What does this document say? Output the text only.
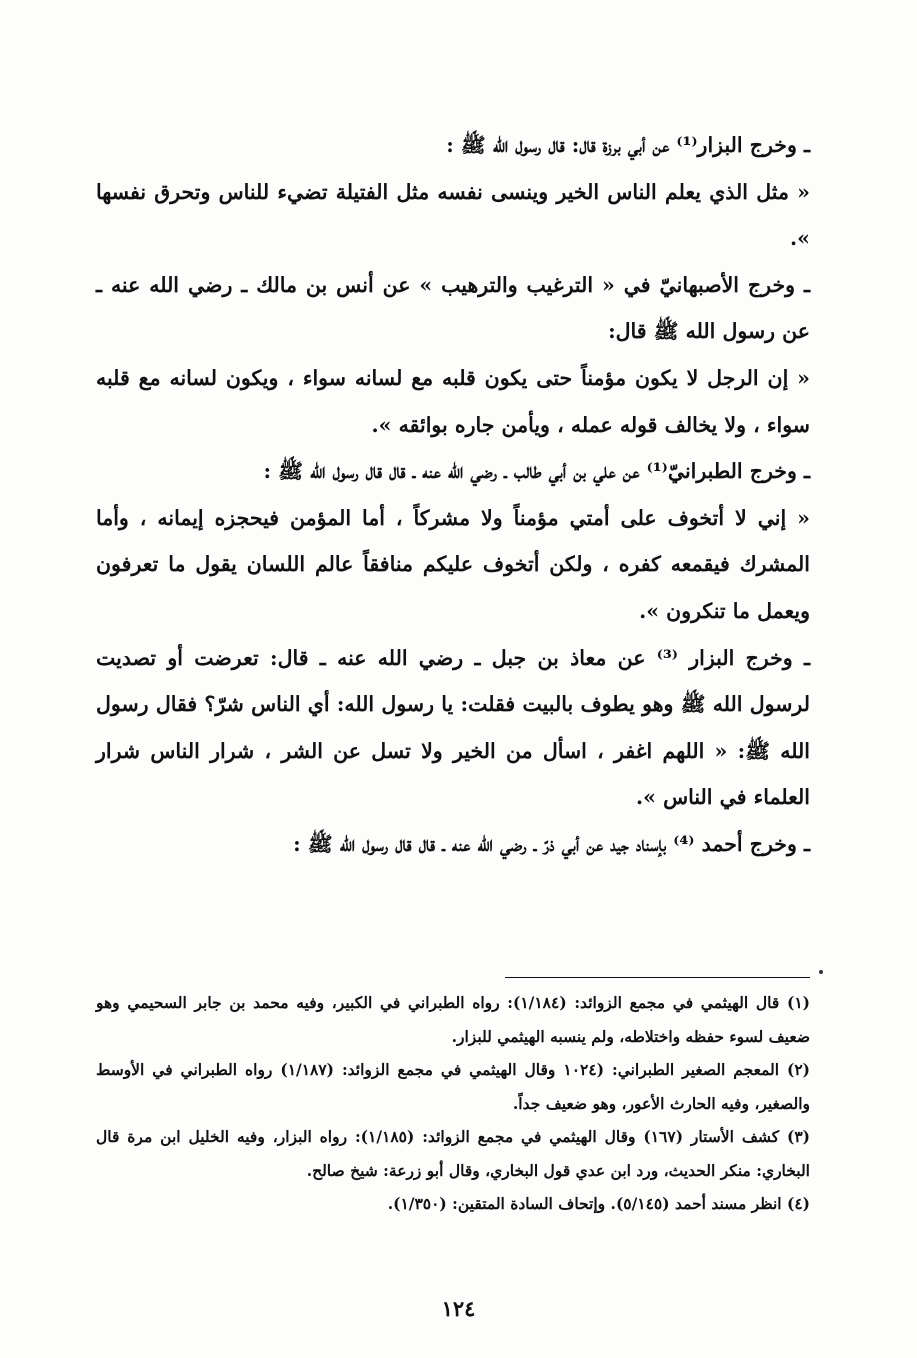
ـ وخرج البزار⁽¹⁾ عن أبي برزة قال: قال رسول الله ﷺ :

« مثل الذي يعلم الناس الخير وينسى نفسه مثل الفتيلة تضيء للناس وتحرق نفسها ».

ـ وخرج الأصبهانيّ في « الترغيب والترهيب » عن أنس بن مالك ـ رضي الله عنه ـ عن رسول الله ﷺ قال:

« إن الرجل لا يكون مؤمناً حتى يكون قلبه مع لسانه سواء ، ويكون لسانه مع قلبه سواء ، ولا يخالف قوله عمله ، ويأمن جاره بوائقه ».

ـ وخرج الطبرانيّ⁽¹⁾ عن علي بن أبي طالب ـ رضي الله عنه ـ قال قال رسول الله ﷺ :

« إني لا أتخوف على أمتي مؤمناً ولا مشركاً ، أما المؤمن فيحجزه إيمانه ، وأما المشرك فيقمعه كفره ، ولكن أتخوف عليكم منافقاً عالم اللسان يقول ما تعرفون ويعمل ما تنكرون ».

ـ وخرج البزار ⁽³⁾ عن معاذ بن جبل ـ رضي الله عنه ـ قال: تعرضت أو تصديت لرسول الله ﷺ وهو يطوف بالبيت فقلت: يا رسول الله: أي الناس شرّ؟ فقال رسول الله ﷺ: « اللهم اغفر ، اسأل من الخير ولا تسل عن الشر ، شرار الناس شرار العلماء في الناس ».

ـ وخرج أحمد ⁽⁴⁾ بإسناد جيد عن أبي ذرّ ـ رضي الله عنه ـ قال قال رسول الله ﷺ :

(١) قال الهيثمي في مجمع الزوائد: (١/١٨٤): رواه الطبراني في الكبير، وفيه محمد بن جابر السحيمي وهو ضعيف لسوء حفظه واختلاطه، ولم ينسبه الهيثمي للبزار.

(٢) المعجم الصغير الطبراني: (١٠٢٤ وقال الهيثمي في مجمع الزوائد: (١/١٨٧) رواه الطبراني في الأوسط والصغير، وفيه الحارث الأعور، وهو ضعيف جداً.

(٣) كشف الأستار (١٦٧) وقال الهيثمي في مجمع الزوائد: (١/١٨٥): رواه البزار، وفيه الخليل ابن مرة قال البخاري: منكر الحديث، ورد ابن عدي قول البخاري، وقال أبو زرعة: شيخ صالح.

(٤) انظر مسند أحمد (٥/١٤٥). وإتحاف السادة المتقين: (١/٣٥٠).

١٢٤
